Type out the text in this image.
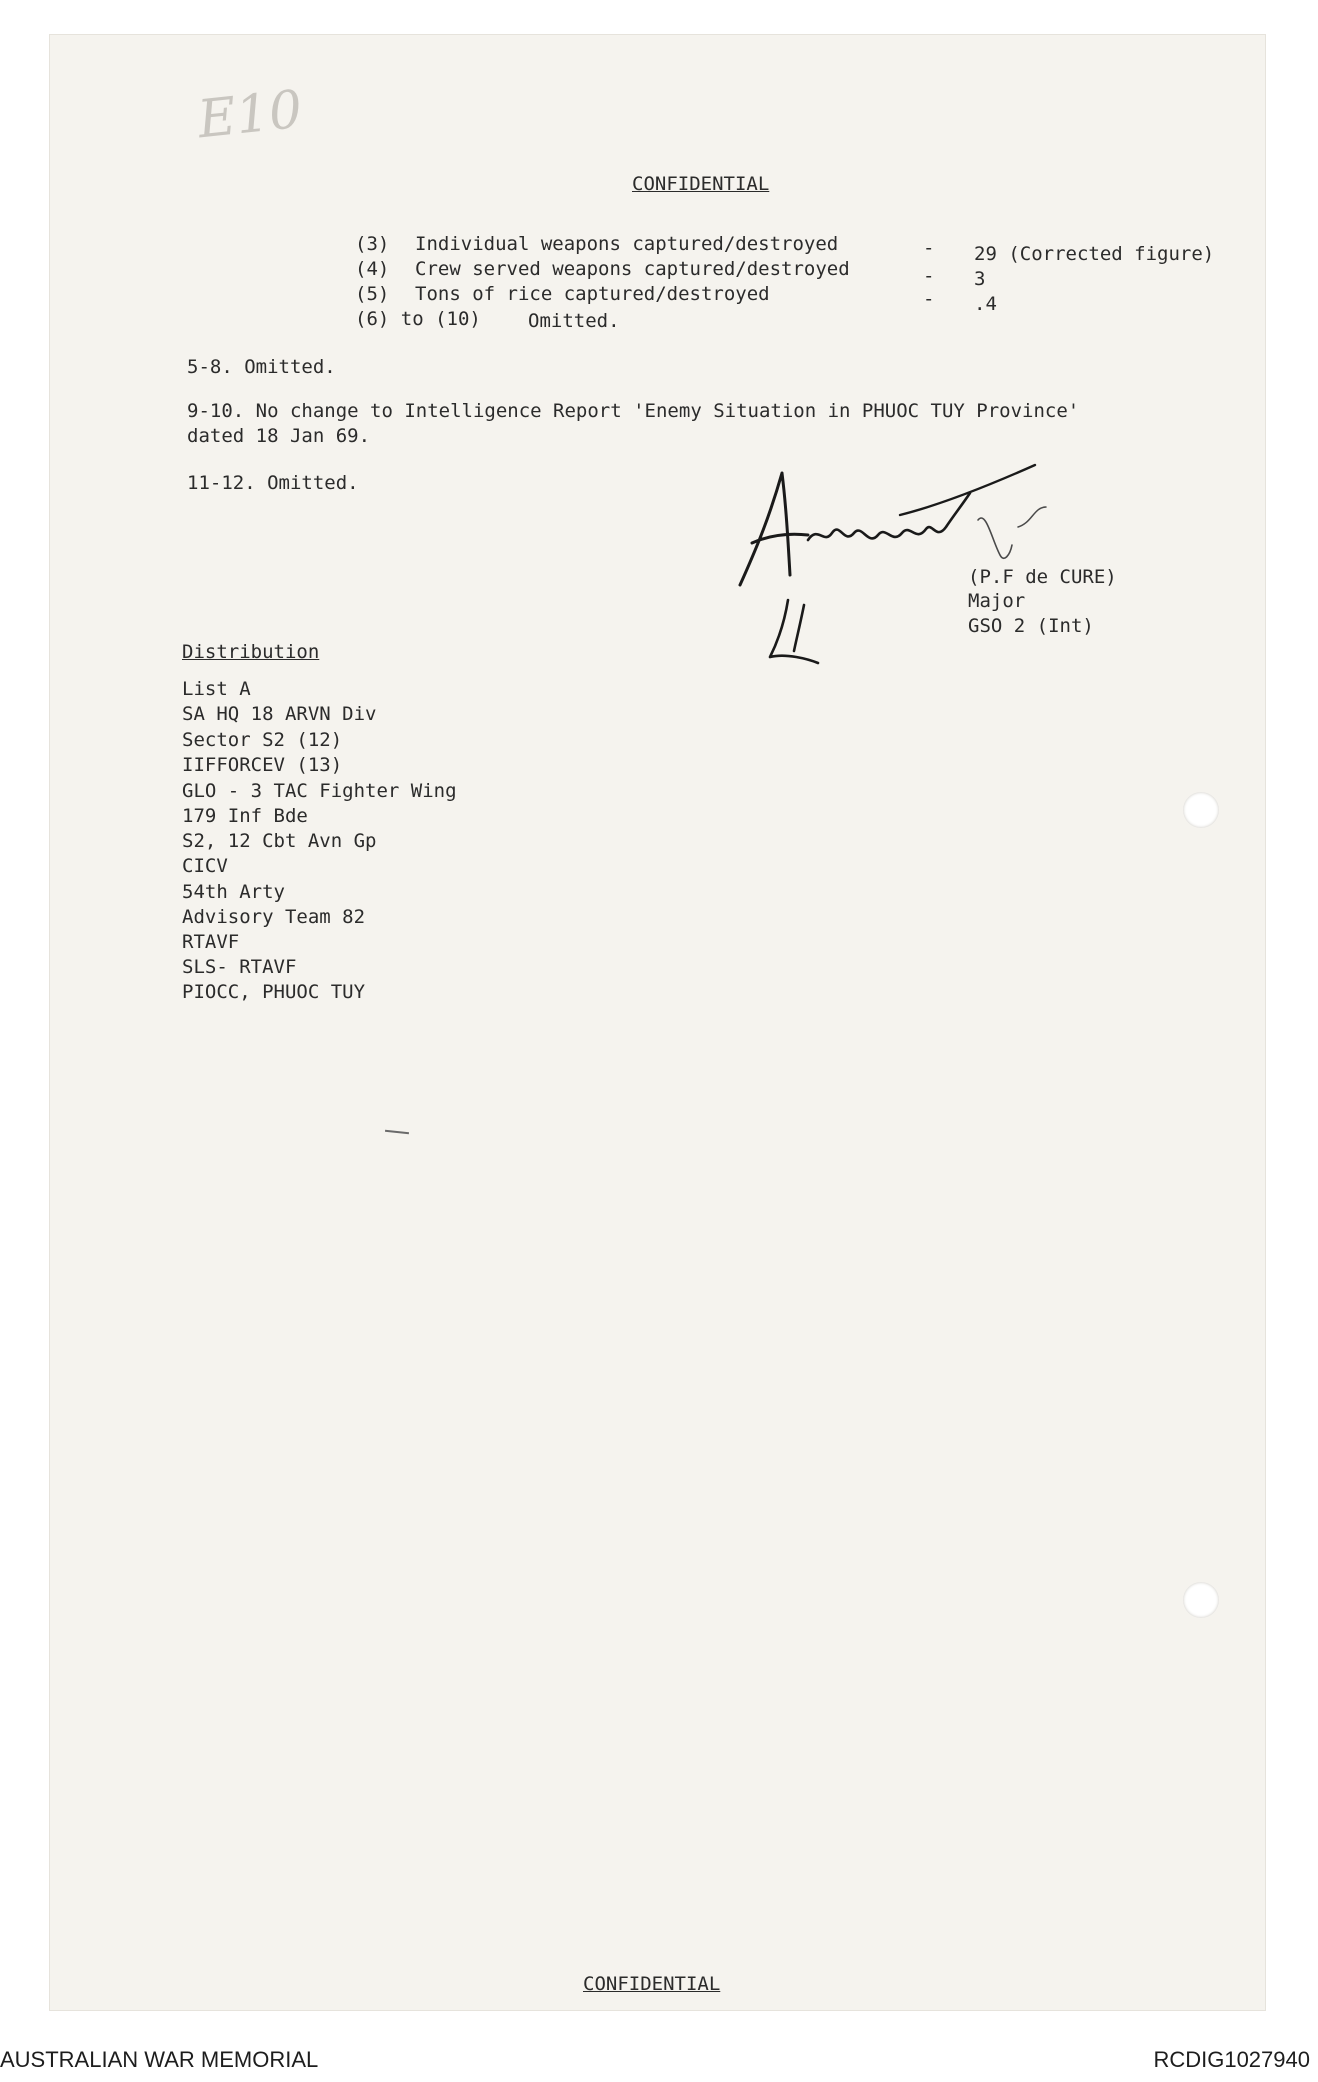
E10

CONFIDENTIAL

(3) Individual weapons captured/destroyed	- 29 (Corrected figure)

(4) Crew served weapons captured/destroyed	- 3

(5) Tons of rice captured/destroyed	- .4

(6) to (10) Omitted.

5-8. Omitted.

9-10. No change to Intelligence Report 'Enemy Situation in PHUOC TUY Province'

dated 18 Jan 69.

11-12. Omitted.

(P.F de CURE)

Major

GSO 2 (Int)

Distribution

List A

SA HQ 18 ARVN Div

Sector S2 (12)

IIFFORCEV (13)

GLO - 3 TAC Fighter Wing

179 Inf Bde

S2, 12 Cbt Avn Gp

CICV

54th Arty

Advisory Team 82

RTAVF

SLS- RTAVF

PIOCC, PHUOC TUY

CONFIDENTIAL

AUSTRALIAN WAR MEMORIAL	RCDIG1027940
